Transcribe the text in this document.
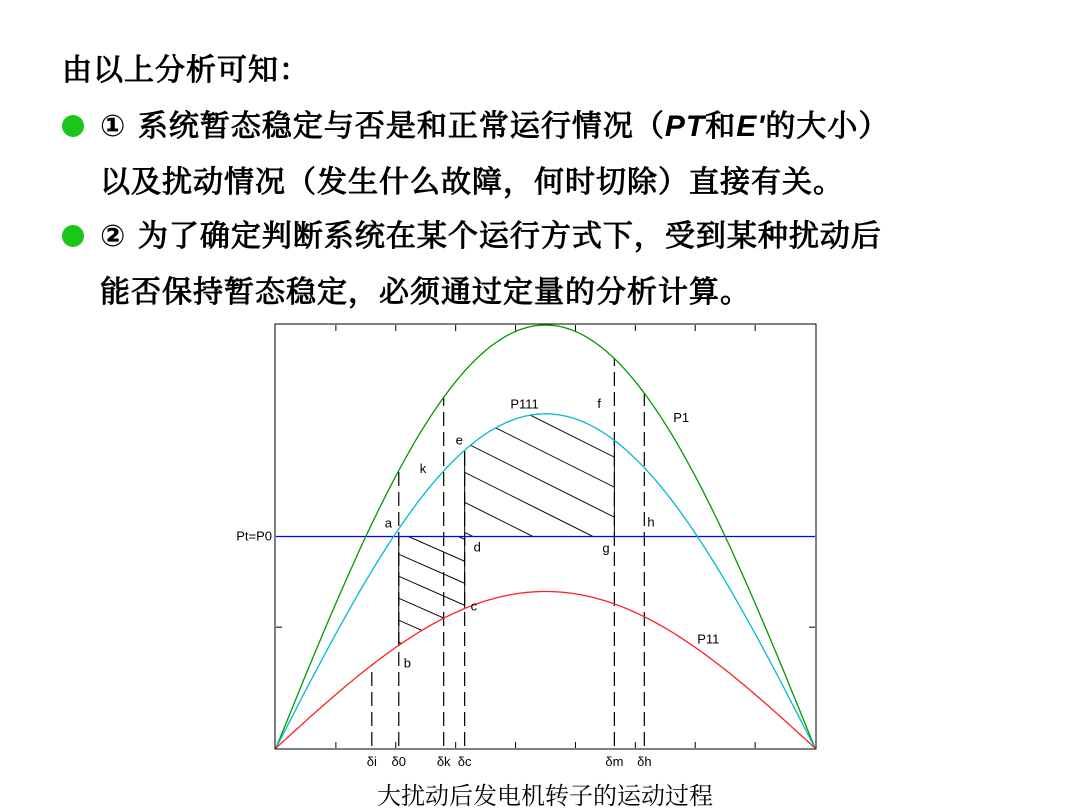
由以上分析可知：
① 系统暂态稳定与否是和正常运行情况（PT和E'的大小）
以及扰动情况（发生什么故障，何时切除）直接有关。
② 为了确定判断系统在某个运行方式下，受到某种扰动后
能否保持暂态稳定，必须通过定量的分析计算。
Pt=P0
P1
P111
P11
a
b
c
d
e
f
g
h
k
δi δ0 δk δc	δm δh
大扰动后发电机转子的运动过程
